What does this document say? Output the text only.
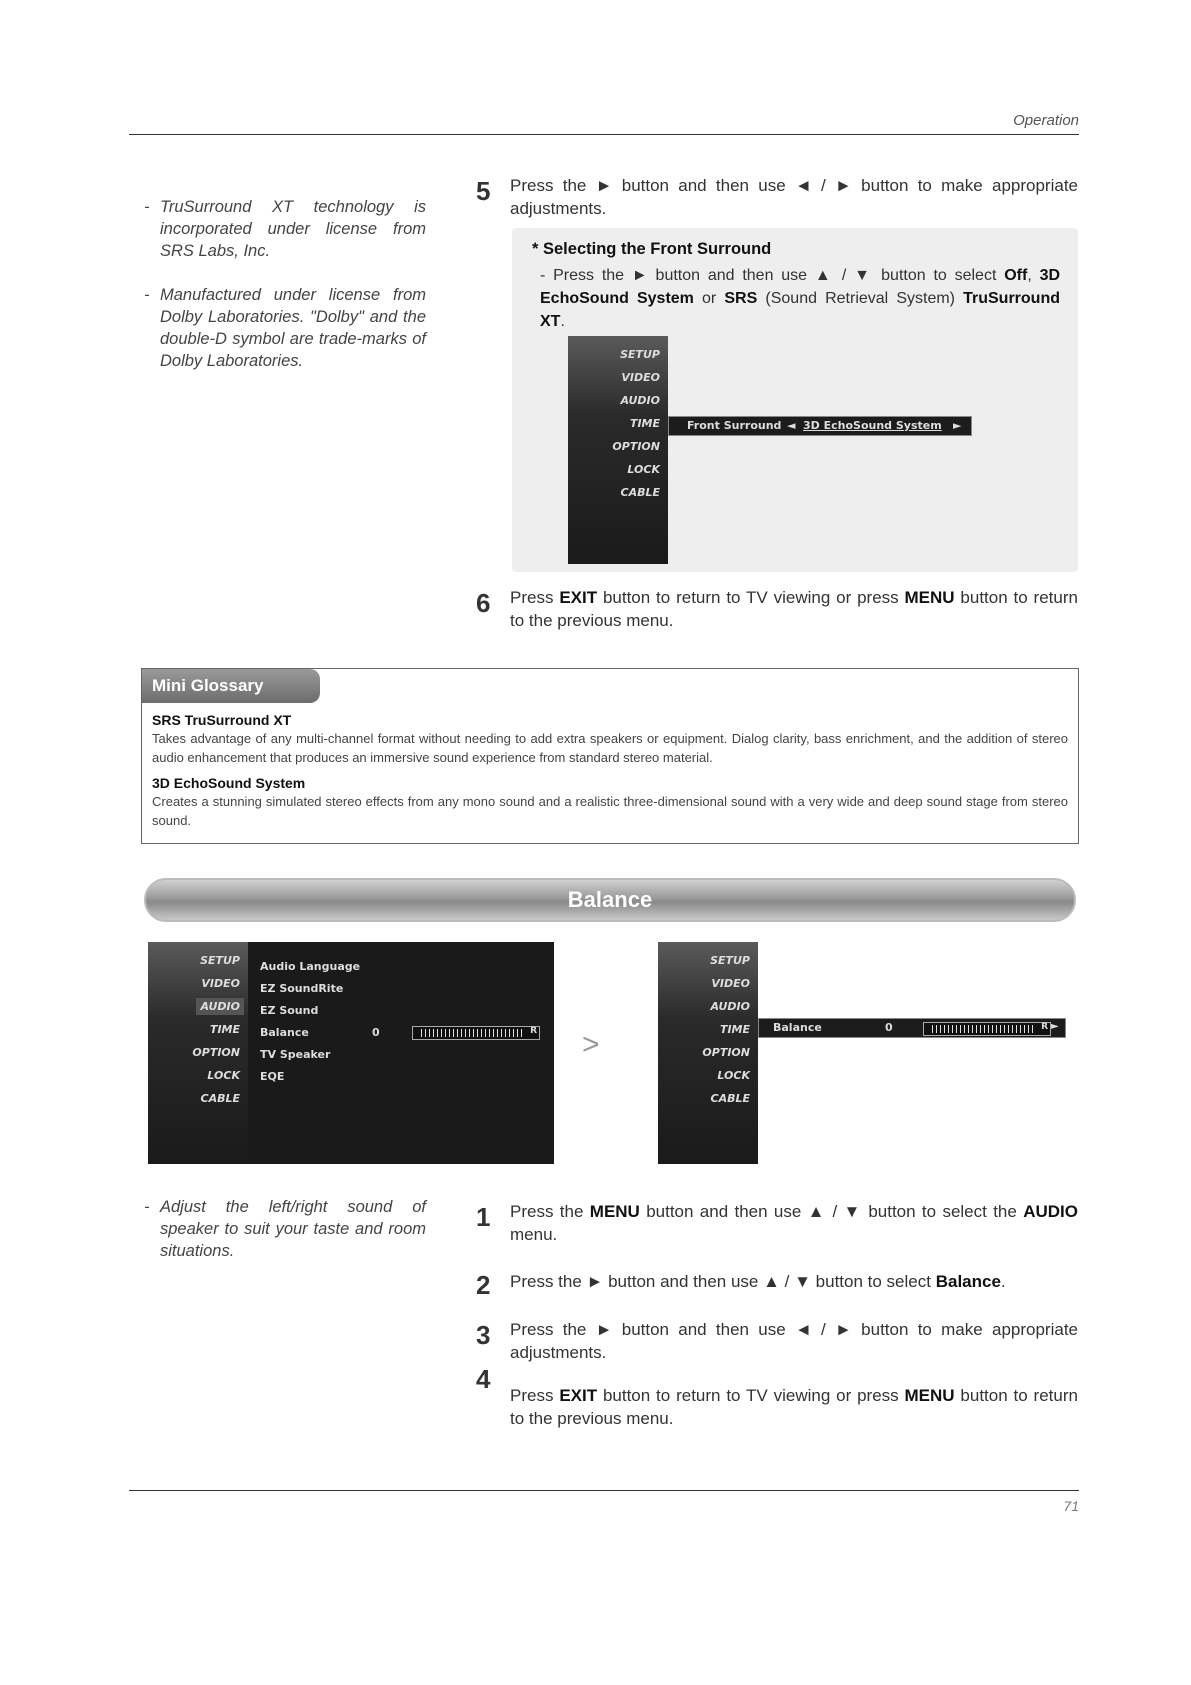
Operation
- TruSurround XT technology is incorporated under license from SRS Labs, Inc.
- Manufactured under license from Dolby Laboratories. "Dolby" and the double-D symbol are trade-marks of Dolby Laboratories.
5 Press the ► button and then use ◄ / ► button to make appropriate adjustments.
* Selecting the Front Surround
- Press the ► button and then use ▲ / ▼ button to select Off, 3D EchoSound System or SRS (Sound Retrieval System) TruSurround XT.
SETUP
VIDEO
AUDIO
TIME
OPTION
LOCK
CABLE
Front Surround ◄ 3D EchoSound System ►
6 Press EXIT button to return to TV viewing or press MENU button to return to the previous menu.
Mini Glossary
SRS TruSurround XT
Takes advantage of any multi-channel format without needing to add extra speakers or equipment. Dialog clarity, bass enrichment, and the addition of stereo audio enhancement that produces an immersive sound experience from standard stereo material.
3D EchoSound System
Creates a stunning simulated stereo effects from any mono sound and a realistic three-dimensional sound with a very wide and deep sound stage from stereo sound.
Balance
SETUP
VIDEO
AUDIO
TIME
OPTION
LOCK
CABLE
Audio Language
EZ SoundRite
EZ Sound
Balance	0	R
TV Speaker
EQE
>
SETUP
VIDEO
AUDIO
TIME
OPTION
LOCK
CABLE
Balance	0	R ►
- Adjust the left/right sound of speaker to suit your taste and room situations.
1 Press the MENU button and then use ▲ / ▼ button to select the AUDIO menu.
2 Press the ► button and then use ▲ / ▼ button to select Balance.
3 Press the ► button and then use ◄ / ► button to make appropriate adjustments.
4
Press EXIT button to return to TV viewing or press MENU button to return to the previous menu.
71
